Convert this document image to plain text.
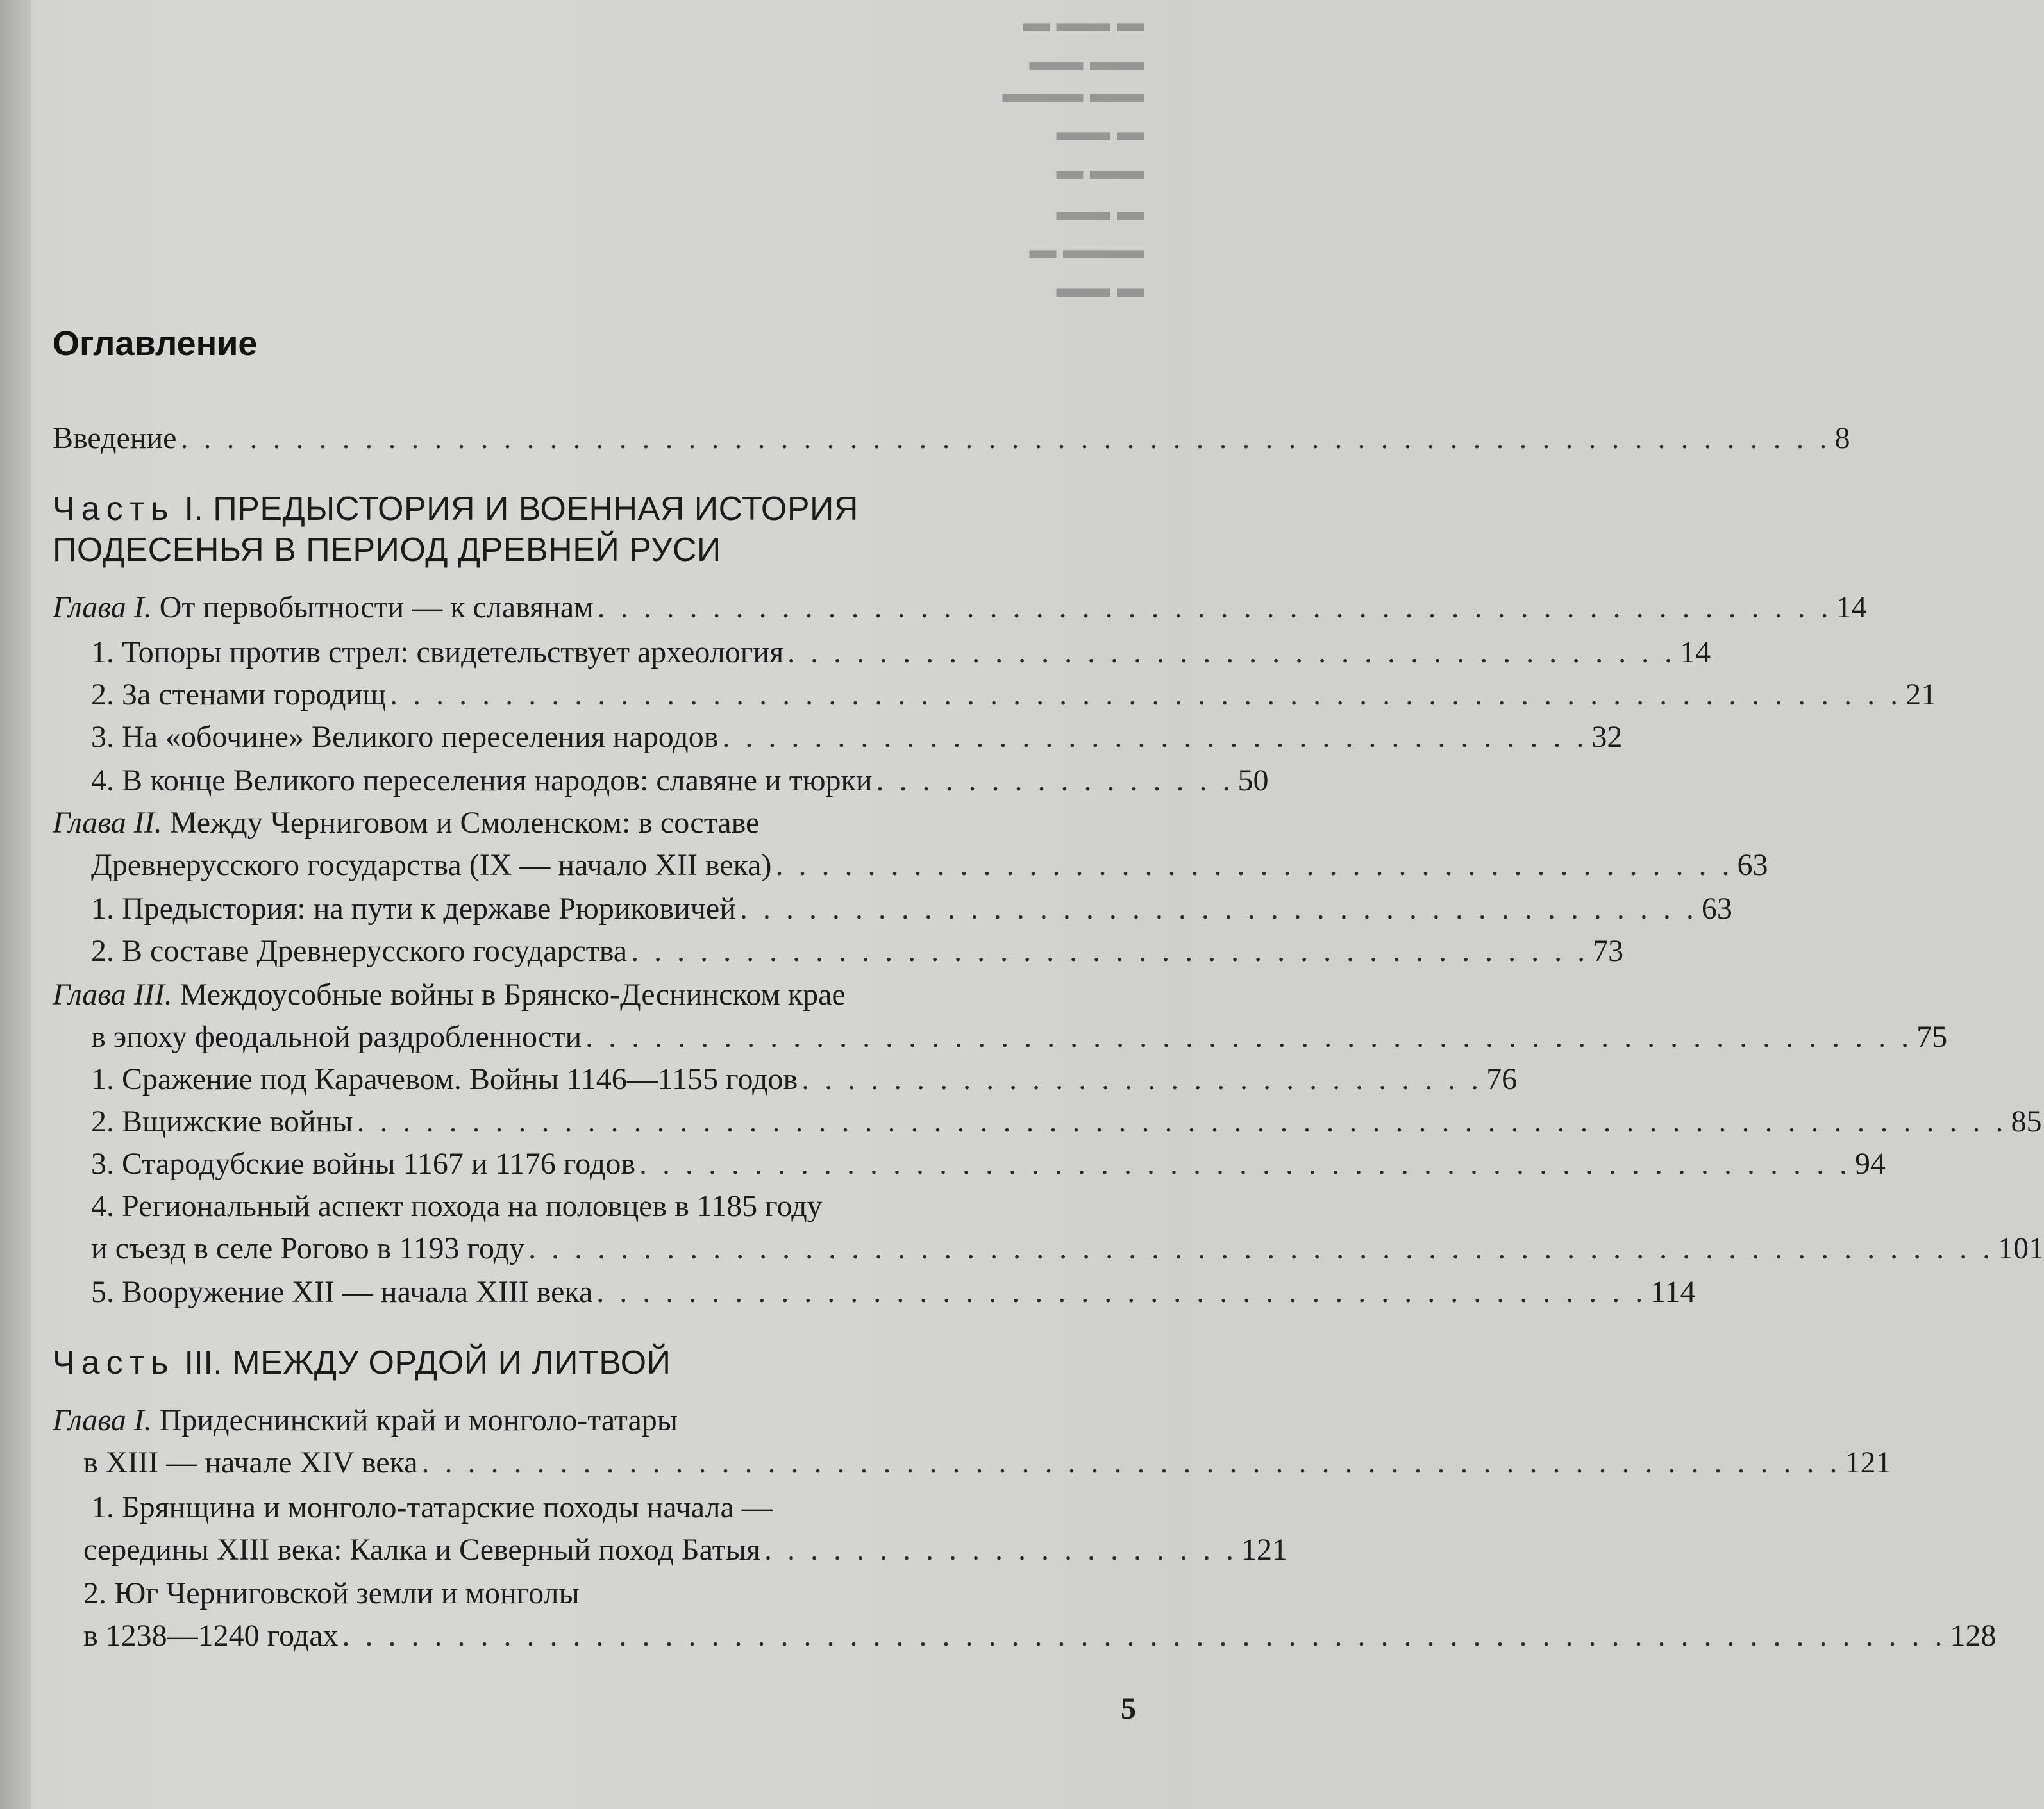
▬ ▬▬ ▬
▬▬ ▬▬
▬▬▬ ▬▬
▬▬ ▬
▬ ▬▬
▬▬ ▬
▬ ▬▬▬
▬▬ ▬
Оглавление
Введение . . . . . . . . . . . . . . . . . . . . . . . . . . . . . . . . . . . . . . . . . . . . . . . . . . . . . . . . . . . . . . . . . . . . . . . . 8
Часть I. ПРЕДЫСТОРИЯ И ВОЕННАЯ ИСТОРИЯ
ПОДЕСЕНЬЯ В ПЕРИОД ДРЕВНЕЙ РУСИ
Глава I. От первобытности — к славянам . . . . . . . . . . . . . . . . . . . . . . . . . . . . . . . . . . . . . . . . . . . . . . . . . . . . . . 14
1. Топоры против стрел: свидетельствует археология . . . . . . . . . . . . . . . . . . . . . . . . . . . . . . . . . . . . . . . 14
2. За стенами городищ . . . . . . . . . . . . . . . . . . . . . . . . . . . . . . . . . . . . . . . . . . . . . . . . . . . . . . . . . . . . . . . . . . 21
3. На «обочине» Великого переселения народов . . . . . . . . . . . . . . . . . . . . . . . . . . . . . . . . . . . . . . 32
4. В конце Великого переселения народов: славяне и тюрки . . . . . . . . . . . . . . . . 50
Глава II. Между Черниговом и Смоленском: в составе
Древнерусского государства (IX — начало XII века) . . . . . . . . . . . . . . . . . . . . . . . . . . . . . . . . . . . . . . . . . . 63
1. Предыстория: на пути к державе Рюриковичей . . . . . . . . . . . . . . . . . . . . . . . . . . . . . . . . . . . . . . . . . . 63
2. В составе Древнерусского государства . . . . . . . . . . . . . . . . . . . . . . . . . . . . . . . . . . . . . . . . . . 73
Глава III. Междоусобные войны в Брянско-Деснинском крае
в эпоху феодальной раздробленности . . . . . . . . . . . . . . . . . . . . . . . . . . . . . . . . . . . . . . . . . . . . . . . . . . . . . . . . . . 75
1. Сражение под Карачевом. Войны 1146—1155 годов . . . . . . . . . . . . . . . . . . . . . . . . . . . . . . 76
2. Вщижские войны . . . . . . . . . . . . . . . . . . . . . . . . . . . . . . . . . . . . . . . . . . . . . . . . . . . . . . . . . . . . . . . . . . . . . . . . 85
3. Стародубские войны 1167 и 1176 годов . . . . . . . . . . . . . . . . . . . . . . . . . . . . . . . . . . . . . . . . . . . . . . . . . . . . . 94
4. Региональный аспект похода на половцев в 1185 году
и съезд в селе Рогово в 1193 году . . . . . . . . . . . . . . . . . . . . . . . . . . . . . . . . . . . . . . . . . . . . . . . . . . . . . . . . . . . . . . . . 101
5. Вооружение XII — начала XIII века . . . . . . . . . . . . . . . . . . . . . . . . . . . . . . . . . . . . . . . . . . . . . . 114
Часть III. МЕЖДУ ОРДОЙ И ЛИТВОЙ
Глава I. Придеснинский край и монголо-татары
в XIII — начале XIV века . . . . . . . . . . . . . . . . . . . . . . . . . . . . . . . . . . . . . . . . . . . . . . . . . . . . . . . . . . . . . . 121
1. Брянщина и монголо-татарские походы начала —
середины XIII века: Калка и Северный поход Батыя . . . . . . . . . . . . . . . . . . . . . 121
2. Юг Черниговской земли и монголы
в 1238—1240 годах . . . . . . . . . . . . . . . . . . . . . . . . . . . . . . . . . . . . . . . . . . . . . . . . . . . . . . . . . . . . . . . . . . . . . . 128
5
